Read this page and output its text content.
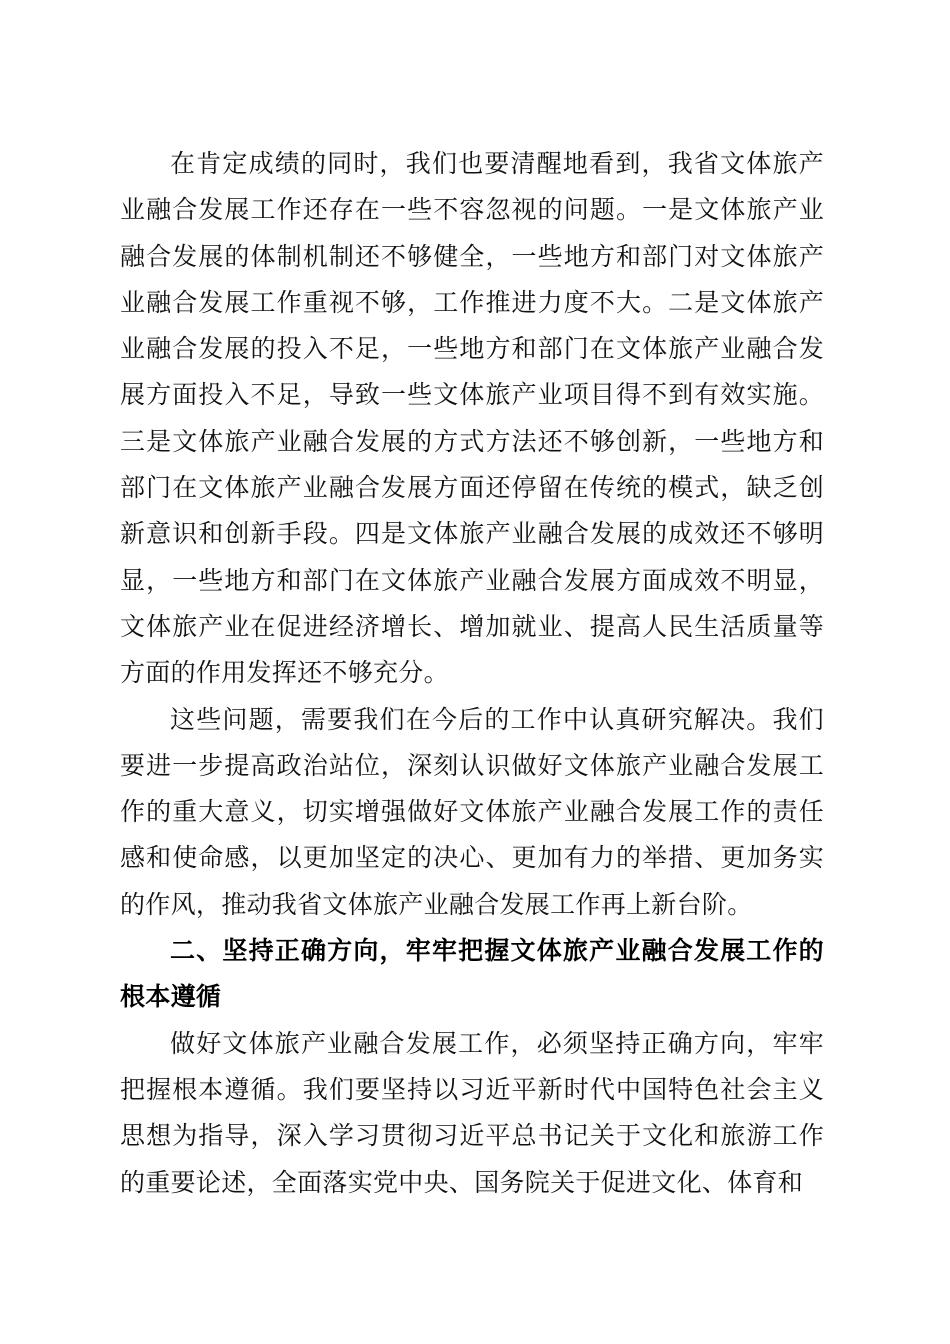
在肯定成绩的同时，我们也要清醒地看到，我省文体旅产业融合发展工作还存在一些不容忽视的问题。一是文体旅产业融合发展的体制机制还不够健全，一些地方和部门对文体旅产业融合发展工作重视不够，工作推进力度不大。二是文体旅产业融合发展的投入不足，一些地方和部门在文体旅产业融合发展方面投入不足，导致一些文体旅产业项目得不到有效实施。三是文体旅产业融合发展的方式方法还不够创新，一些地方和部门在文体旅产业融合发展方面还停留在传统的模式，缺乏创新意识和创新手段。四是文体旅产业融合发展的成效还不够明显，一些地方和部门在文体旅产业融合发展方面成效不明显，文体旅产业在促进经济增长、增加就业、提高人民生活质量等方面的作用发挥还不够充分。

这些问题，需要我们在今后的工作中认真研究解决。我们要进一步提高政治站位，深刻认识做好文体旅产业融合发展工作的重大意义，切实增强做好文体旅产业融合发展工作的责任感和使命感，以更加坚定的决心、更加有力的举措、更加务实的作风，推动我省文体旅产业融合发展工作再上新台阶。

二、坚持正确方向，牢牢把握文体旅产业融合发展工作的根本遵循

做好文体旅产业融合发展工作，必须坚持正确方向，牢牢把握根本遵循。我们要坚持以习近平新时代中国特色社会主义思想为指导，深入学习贯彻习近平总书记关于文化和旅游工作的重要论述，全面落实党中央、国务院关于促进文化、体育和
